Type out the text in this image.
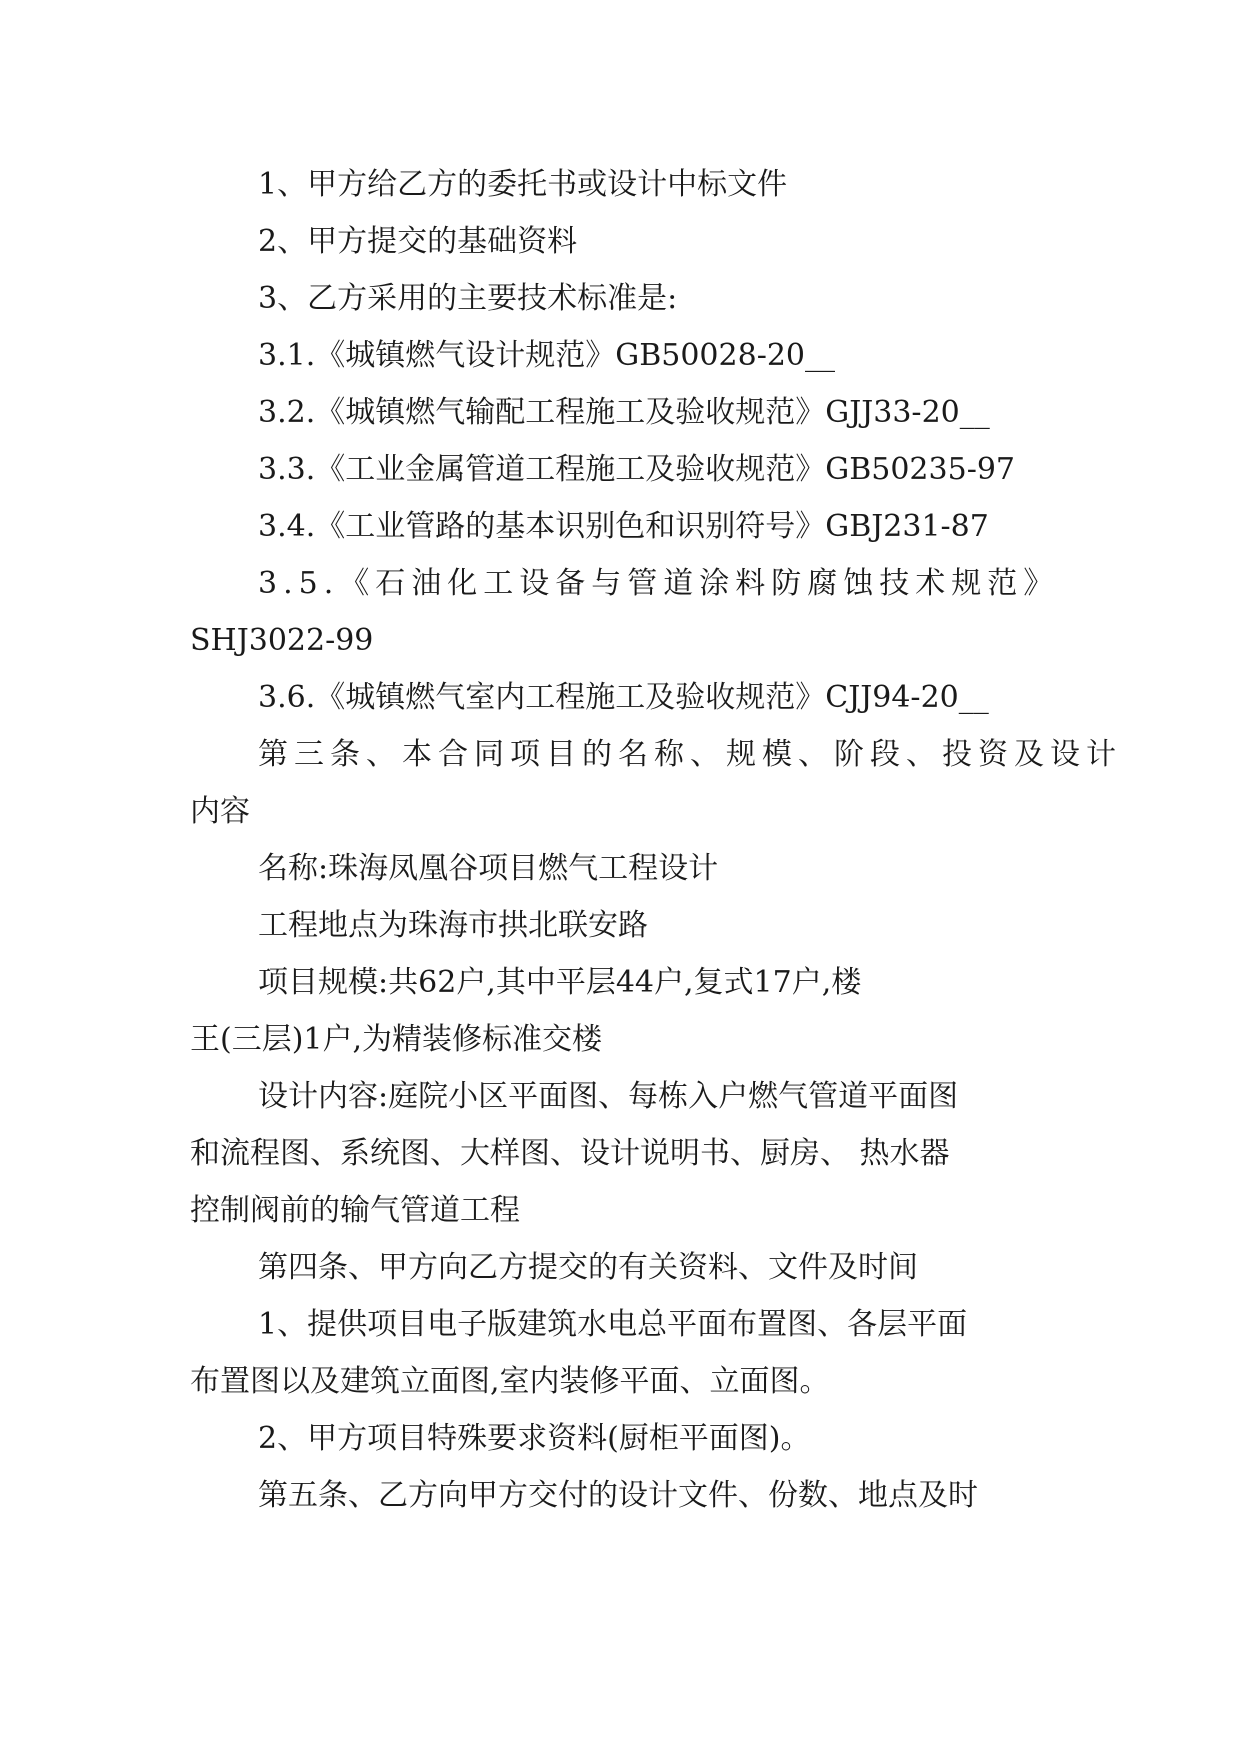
1、甲方给乙方的委托书或设计中标文件
2、甲方提交的基础资料
3、乙方采用的主要技术标准是:
3.1.《城镇燃气设计规范》GB50028-20__
3.2.《城镇燃气输配工程施工及验收规范》GJJ33-20__
3.3.《工业金属管道工程施工及验收规范》GB50235-97
3.4.《工业管路的基本识别色和识别符号》GBJ231-87
3.5.《石油化工设备与管道涂料防腐蚀技术规范》
SHJ3022-99
3.6.《城镇燃气室内工程施工及验收规范》CJJ94-20__
第三条、本合同项目的名称、规模、阶段、投资及设计
内容
名称:珠海凤凰谷项目燃气工程设计
工程地点为珠海市拱北联安路
项目规模:共62户,其中平层44户,复式17户,楼
王(三层)1户,为精装修标准交楼
设计内容:庭院小区平面图、每栋入户燃气管道平面图
和流程图、系统图、大样图、设计说明书、厨房、 热水器
控制阀前的输气管道工程
第四条、甲方向乙方提交的有关资料、文件及时间
1、提供项目电子版建筑水电总平面布置图、各层平面
布置图以及建筑立面图,室内装修平面、立面图。
2、甲方项目特殊要求资料(厨柜平面图)。
第五条、乙方向甲方交付的设计文件、份数、地点及时
